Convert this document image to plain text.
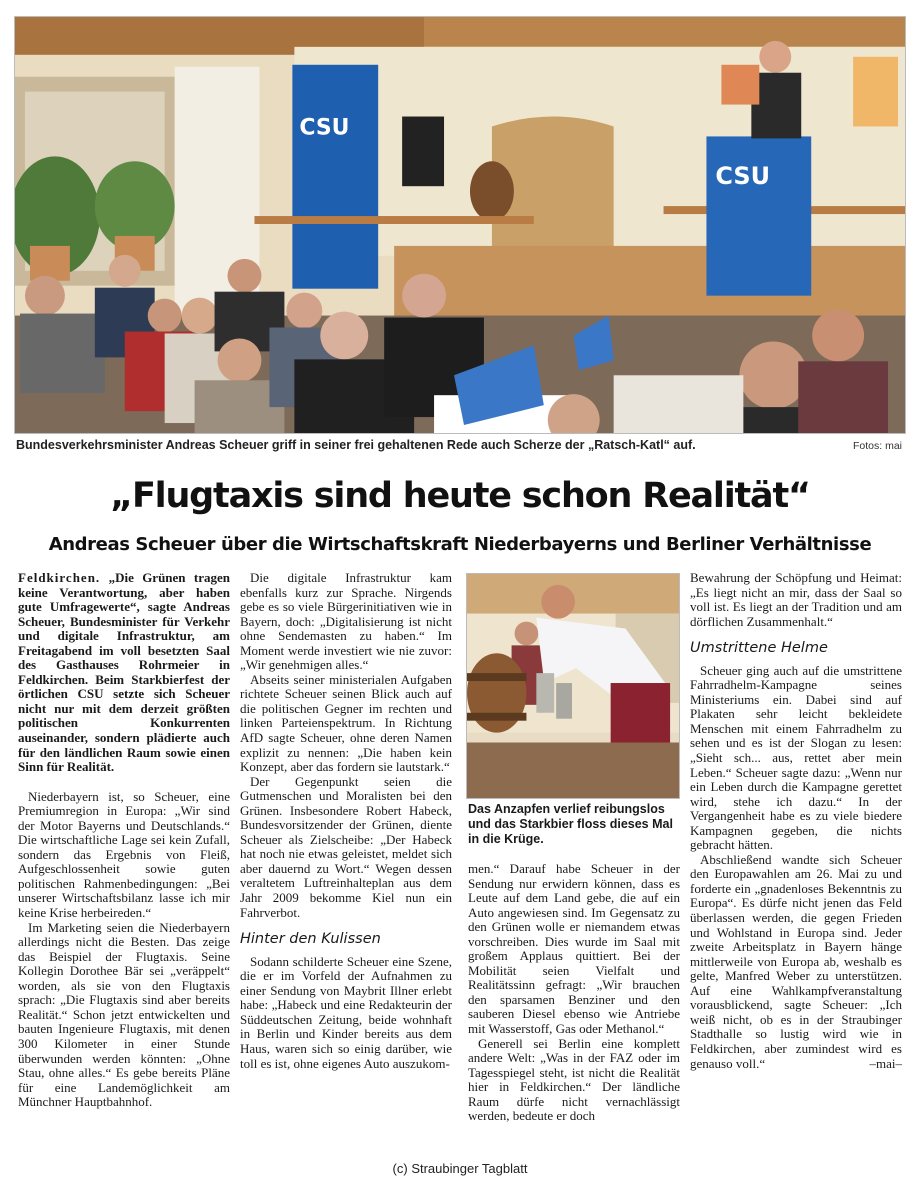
CSU
CSU
Bundesverkehrsminister Andreas Scheuer griff in seiner frei gehaltenen Rede auch Scherze der „Ratsch-Katl“ auf.	Fotos: mai
„Flugtaxis sind heute schon Realität“
Andreas Scheuer über die Wirtschaftskraft Niederbayerns und Berliner Verhältnisse

Feldkirchen. „Die Grünen tragen keine Verantwortung, aber haben gute Umfragewerte“, sagte Andreas Scheuer, Bundesminister für Verkehr und digitale Infrastruktur, am Freitagabend im voll besetzten Saal des Gasthauses Rohrmeier in Feldkirchen. Beim Starkbierfest der örtlichen CSU setzte sich Scheuer nicht nur mit dem derzeit größten politischen Konkurrenten auseinander, sondern plädierte auch für den ländlichen Raum sowie einen Sinn für Realität.

Niederbayern ist, so Scheuer, eine Premiumregion in Europa: „Wir sind der Motor Bayerns und Deutschlands.“ Die wirtschaftliche Lage sei kein Zufall, sondern das Ergebnis von Fleiß, Aufgeschlossenheit sowie guten politischen Rahmenbedingungen: „Bei unserer Wirtschaftsbilanz lasse ich mir keine Krise herbeireden.“

Im Marketing seien die Niederbayern allerdings nicht die Besten. Das zeige das Beispiel der Flugtaxis. Seine Kollegin Dorothee Bär sei „veräppelt“ worden, als sie von den Flugtaxis sprach: „Die Flugtaxis sind aber bereits Realität.“ Schon jetzt entwickelten und bauten Ingenieure Flugtaxis, mit denen 300 Kilometer in einer Stunde überwunden werden könnten: „Ohne Stau, ohne alles.“ Es gebe bereits Pläne für eine Landemöglichkeit am Münchner Hauptbahnhof.

Die digitale Infrastruktur kam ebenfalls kurz zur Sprache. Nirgends gebe es so viele Bürgerinitiativen wie in Bayern, doch: „Digitalisierung ist nicht ohne Sendemasten zu haben.“ Im Moment werde investiert wie nie zuvor: „Wir genehmigen alles.“

Abseits seiner ministerialen Aufgaben richtete Scheuer seinen Blick auch auf die politischen Gegner im rechten und linken Parteienspektrum. In Richtung AfD sagte Scheuer, ohne deren Namen explizit zu nennen: „Die haben kein Konzept, aber das fordern sie lautstark.“

Der Gegenpunkt seien die Gutmenschen und Moralisten bei den Grünen. Insbesondere Robert Habeck, Bundesvorsitzender der Grünen, diente Scheuer als Zielscheibe: „Der Habeck hat noch nie etwas geleistet, meldet sich aber dauernd zu Wort.“ Wegen dessen veraltetem Luftreinhalteplan aus dem Jahr 2009 bekomme Kiel nun ein Fahrverbot.

Hinter den Kulissen

Sodann schilderte Scheuer eine Szene, die er im Vorfeld der Aufnahmen zu einer Sendung von Maybrit Illner erlebt habe: „Habeck und eine Redakteurin der Süddeutschen Zeitung, beide wohnhaft in Berlin und Kinder bereits aus dem Haus, waren sich so einig darüber, wie toll es ist, ohne eigenes Auto auszukom-

Das Anzapfen verlief reibungslos und das Starkbier floss dieses Mal in die Krüge.

men.“ Darauf habe Scheuer in der Sendung nur erwidern können, dass es Leute auf dem Land gebe, die auf ein Auto angewiesen sind. Im Gegensatz zu den Grünen wolle er niemandem etwas vorschreiben. Dies wurde im Saal mit großem Applaus quittiert. Bei der Mobilität seien Vielfalt und Realitätssinn gefragt: „Wir brauchen den sparsamen Benziner und den sauberen Diesel ebenso wie Antriebe mit Wasserstoff, Gas oder Methanol.“

Generell sei Berlin eine komplett andere Welt: „Was in der FAZ oder im Tagesspiegel steht, ist nicht die Realität hier in Feldkirchen.“ Der ländliche Raum dürfe nicht vernachlässigt werden, bedeute er doch

Bewahrung der Schöpfung und Heimat: „Es liegt nicht an mir, dass der Saal so voll ist. Es liegt an der Tradition und am dörflichen Zusammenhalt.“

Umstrittene Helme

Scheuer ging auch auf die umstrittene Fahrradhelm-Kampagne seines Ministeriums ein. Dabei sind auf Plakaten sehr leicht bekleidete Menschen mit einem Fahrradhelm zu sehen und es ist der Slogan zu lesen: „Sieht sch... aus, rettet aber mein Leben.“ Scheuer sagte dazu: „Wenn nur ein Leben durch die Kampagne gerettet wird, stehe ich dazu.“ In der Vergangenheit habe es zu viele biedere Kampagnen gegeben, die nichts gebracht hätten.

Abschließend wandte sich Scheuer den Europawahlen am 26. Mai zu und forderte ein „gnadenloses Bekenntnis zu Europa“. Es dürfe nicht jenen das Feld überlassen werden, die gegen Frieden und Wohlstand in Europa sind. Jeder zweite Arbeitsplatz in Bayern hänge mittlerweile von Europa ab, weshalb es gelte, Manfred Weber zu unterstützen. Auf eine Wahlkampfveranstaltung vorausblickend, sagte Scheuer: „Ich weiß nicht, ob es in der Straubinger Stadthalle so lustig wird wie in Feldkirchen, aber zumindest wird es genauso voll.“	–mai–

(c) Straubinger Tagblatt
